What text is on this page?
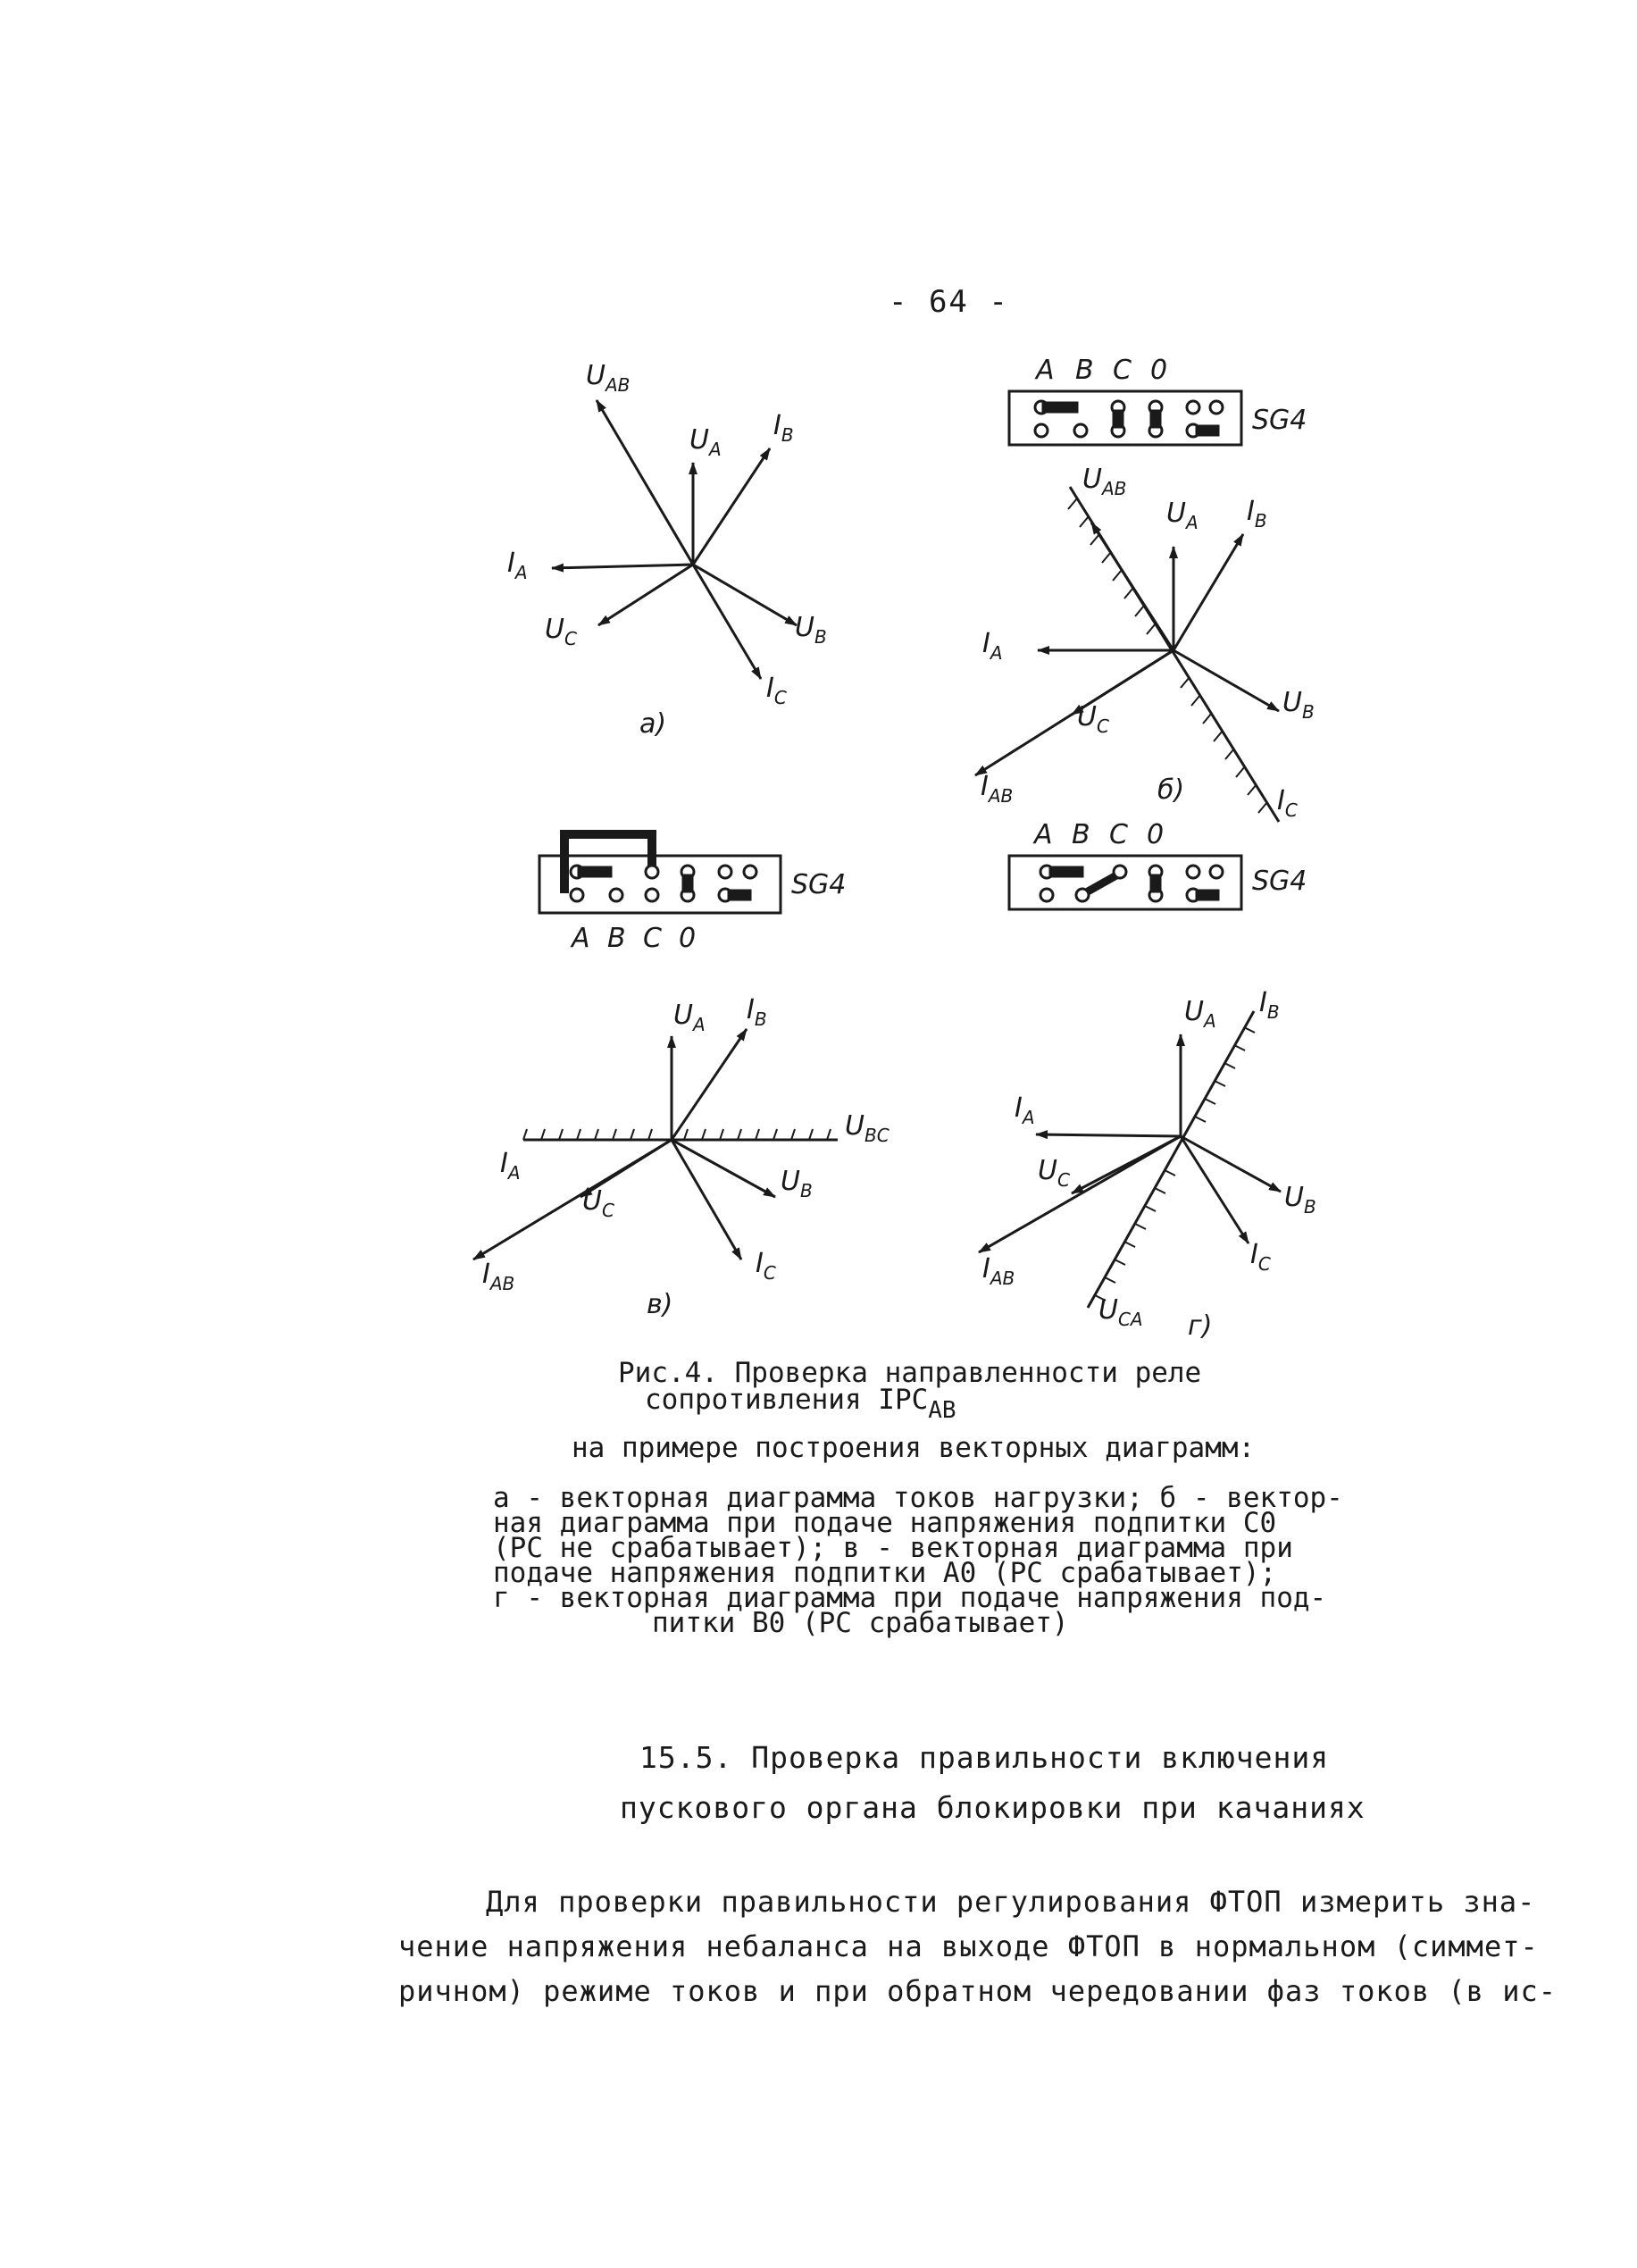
- 64 -
$U_{AB}$
$U_A$
$I_B$
$I_A$
$U_C$	$U_B$
$I_C$
а)
A B C 0
SG4
$U_{AB}$
$U_A$ $I_B$
$I_A$
$U_B$
$U_C$
$I_{AB}$	б)	$I_C$
SG4
A B C 0
A B C 0
SG4
$U_A$ $I_B$
$U_{BC}$
$I_A$	$U_B$
$U_C$
$I_C$
$I_{AB}$
в)
$U_A$
$I_B$
$I_A$
$U_C$
$U_B$
$I_C$
$I_{AB}$
$U_{CA}$ г)
Рис.4. Проверка направленности реле
сопротивления $IРС_{AB}$
на примере построения векторных диаграмм:
а - векторная диаграмма токов нагрузки; б - вектор-
ная диаграмма при подаче напряжения подпитки С0
(РС не срабатывает); в - векторная диаграмма при
подаче напряжения подпитки А0 (РС срабатывает);
г - векторная диаграмма при подаче напряжения под-
питки В0 (РС срабатывает)
15.5. Проверка правильности включения
пускового органа блокировки при качаниях
Для проверки правильности регулирования ФТОП измерить зна-
чение напряжения небаланса на выходе ФТОП в нормальном (симмет-
ричном) режиме токов и при обратном чередовании фаз токов (в ис-
